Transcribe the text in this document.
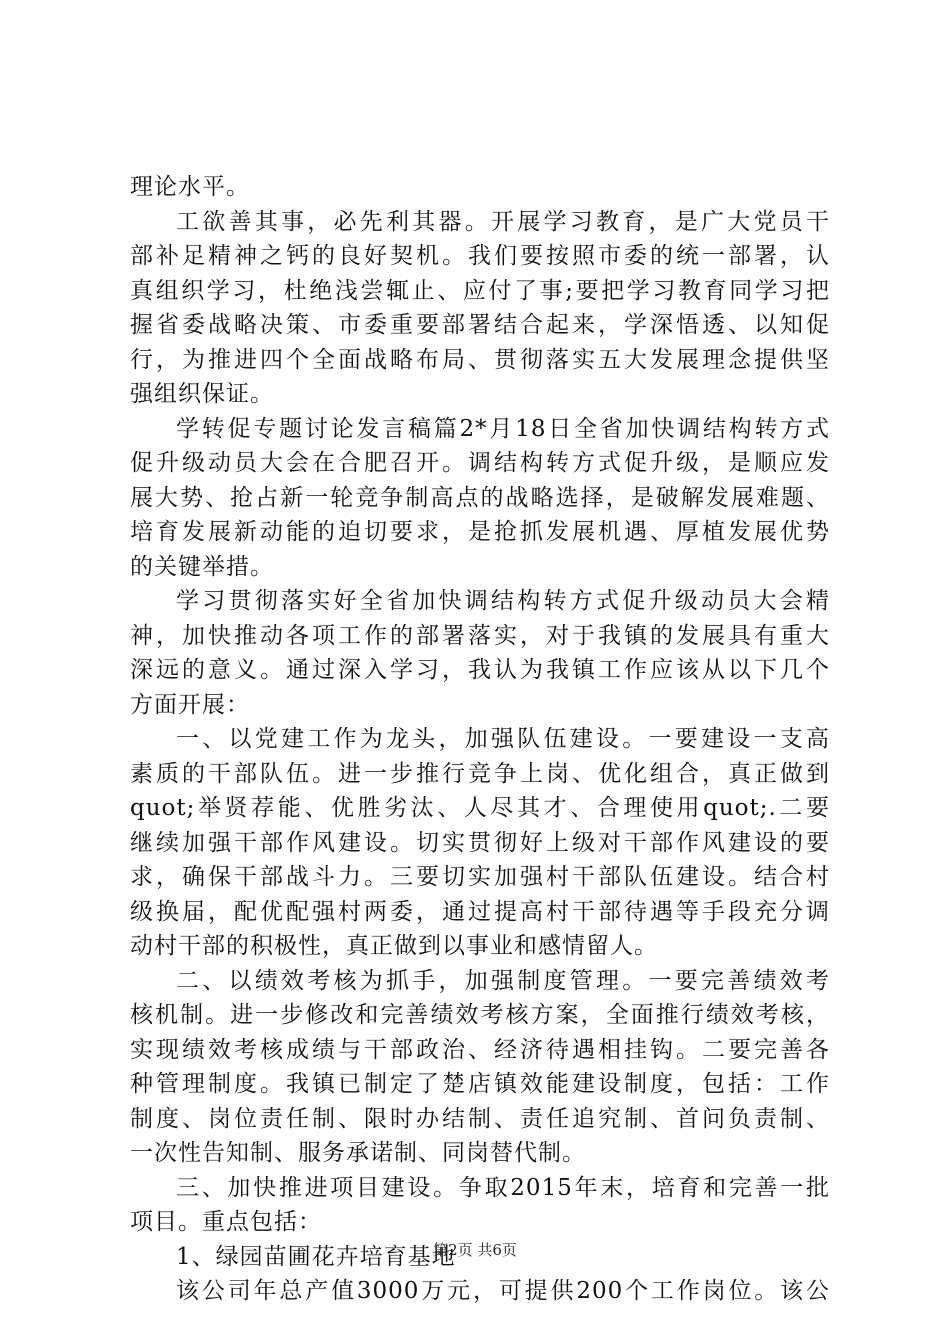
理论水平。
工欲善其事，必先利其器。开展学习教育，是广大党员干
部补足精神之钙的良好契机。我们要按照市委的统一部署，认
真组织学习，杜绝浅尝辄止、应付了事;要把学习教育同学习把
握省委战略决策、市委重要部署结合起来，学深悟透、以知促
行，为推进四个全面战略布局、贯彻落实五大发展理念提供坚
强组织保证。
学转促专题讨论发言稿篇2*月18日全省加快调结构转方式
促升级动员大会在合肥召开。调结构转方式促升级，是顺应发
展大势、抢占新一轮竞争制高点的战略选择，是破解发展难题、
培育发展新动能的迫切要求，是抢抓发展机遇、厚植发展优势
的关键举措。
学习贯彻落实好全省加快调结构转方式促升级动员大会精
神，加快推动各项工作的部署落实，对于我镇的发展具有重大
深远的意义。通过深入学习，我认为我镇工作应该从以下几个
方面开展：
一、以党建工作为龙头，加强队伍建设。一要建设一支高
素质的干部队伍。进一步推行竞争上岗、优化组合，真正做到
quot;举贤荐能、优胜劣汰、人尽其才、合理使用quot;.二要
继续加强干部作风建设。切实贯彻好上级对干部作风建设的要
求，确保干部战斗力。三要切实加强村干部队伍建设。结合村
级换届，配优配强村两委，通过提高村干部待遇等手段充分调
动村干部的积极性，真正做到以事业和感情留人。
二、以绩效考核为抓手，加强制度管理。一要完善绩效考
核机制。进一步修改和完善绩效考核方案，全面推行绩效考核，
实现绩效考核成绩与干部政治、经济待遇相挂钩。二要完善各
种管理制度。我镇已制定了楚店镇效能建设制度，包括：工作
制度、岗位责任制、限时办结制、责任追究制、首问负责制、
一次性告知制、服务承诺制、同岗替代制。
三、加快推进项目建设。争取2015年末，培育和完善一批
项目。重点包括：
1、绿园苗圃花卉培育基地
该公司年总产值3000万元，可提供200个工作岗位。该公
第2页 共6页
